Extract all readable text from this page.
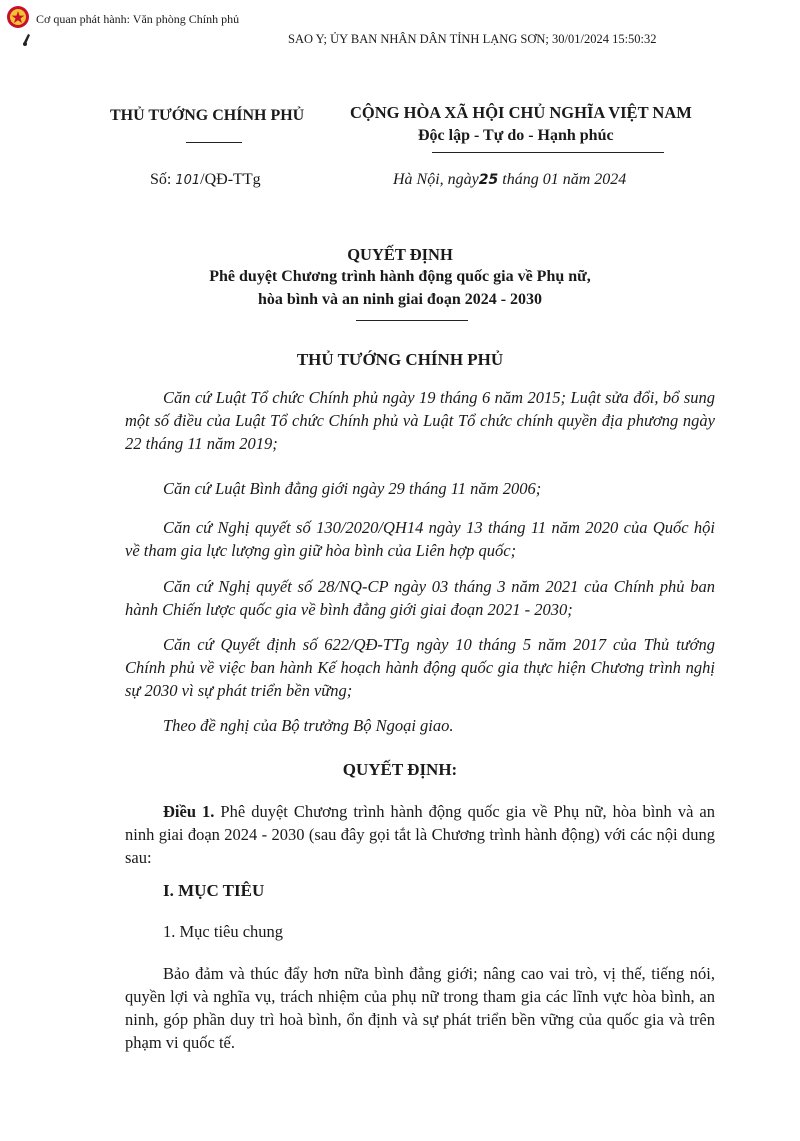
Cơ quan phát hành: Văn phòng Chính phủ
SAO Y; ỦY BAN NHÂN DÂN TỈNH LẠNG SƠN; 30/01/2024 15:50:32
THỦ TƯỚNG CHÍNH PHỦ	CỘNG HÒA XÃ HỘI CHỦ NGHĨA VIỆT NAM
Độc lập - Tự do - Hạnh phúc
Số: 101/QĐ-TTg	Hà Nội, ngày25 tháng 01 năm 2024
QUYẾT ĐỊNH
Phê duyệt Chương trình hành động quốc gia về Phụ nữ,
hòa bình và an ninh giai đoạn 2024 - 2030
THỦ TƯỚNG CHÍNH PHỦ
Căn cứ Luật Tổ chức Chính phủ ngày 19 tháng 6 năm 2015; Luật sửa đổi, bổ sung một số điều của Luật Tổ chức Chính phủ và Luật Tổ chức chính quyền địa phương ngày 22 tháng 11 năm 2019;
Căn cứ Luật Bình đẳng giới ngày 29 tháng 11 năm 2006;
Căn cứ Nghị quyết số 130/2020/QH14 ngày 13 tháng 11 năm 2020 của Quốc hội về tham gia lực lượng gìn giữ hòa bình của Liên hợp quốc;
Căn cứ Nghị quyết số 28/NQ-CP ngày 03 tháng 3 năm 2021 của Chính phủ ban hành Chiến lược quốc gia về bình đẳng giới giai đoạn 2021 - 2030;
Căn cứ Quyết định số 622/QĐ-TTg ngày 10 tháng 5 năm 2017 của Thủ tướng Chính phủ về việc ban hành Kế hoạch hành động quốc gia thực hiện Chương trình nghị sự 2030 vì sự phát triển bền vững;
Theo đề nghị của Bộ trưởng Bộ Ngoại giao.
QUYẾT ĐỊNH:
Điều 1. Phê duyệt Chương trình hành động quốc gia về Phụ nữ, hòa bình và an ninh giai đoạn 2024 - 2030 (sau đây gọi tắt là Chương trình hành động) với các nội dung sau:
I. MỤC TIÊU
1. Mục tiêu chung
Bảo đảm và thúc đẩy hơn nữa bình đẳng giới; nâng cao vai trò, vị thế, tiếng nói, quyền lợi và nghĩa vụ, trách nhiệm của phụ nữ trong tham gia các lĩnh vực hòa bình, an ninh, góp phần duy trì hoà bình, ổn định và sự phát triển bền vững của quốc gia và trên phạm vi quốc tế.
